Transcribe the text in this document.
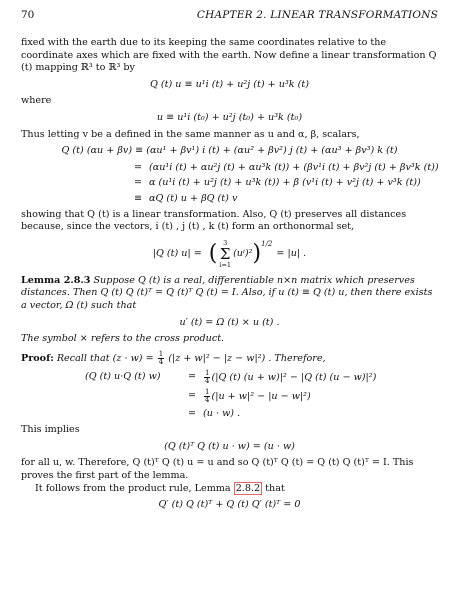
70	CHAPTER 2. LINEAR TRANSFORMATIONS

fixed with the earth due to its keeping the same coordinates relative to the coordinate axes which are fixed with the earth. Now define a linear transformation Q (t) mapping ℝ³ to ℝ³ by

Q (t) u ≡ u¹i (t) + u²j (t) + u³k (t)

where

u ≡ u¹i (t₀) + u²j (t₀) + u³k (t₀)

Thus letting v be a defined in the same manner as u and α, β, scalars,

Q (t) (αu + βv) ≡ (αu¹ + βv¹) i (t) + (αu² + βv²) j (t) + (αu³ + βv³) k (t)
= (αu¹i (t) + αu²j (t) + αu³k (t)) + (βv¹i (t) + βv²j (t) + βv³k (t))
= α (u¹i (t) + u²j (t) + u³k (t)) + β (v¹i (t) + v²j (t) + v³k (t))
≡ αQ (t) u + βQ (t) v

showing that Q (t) is a linear transformation. Also, Q (t) preserves all distances because, since the vectors, i (t) , j (t) , k (t) form an orthonormal set,

|Q (t) u| = ( 3
Σ
i=1
(uⁱ)² )$^{1/2}$
= |u| .

Lemma 2.8.3 Suppose Q (t) is a real, differentiable n×n matrix which preserves distances. Then Q (t) Q (t)ᵀ = Q (t)ᵀ Q (t) = I. Also, if u (t) ≡ Q (t) u, then there exists a vector, Ω (t) such that

u′ (t) = Ω (t) × u (t) .

The symbol × refers to the cross product.

Proof: Recall that $(z \cdot w) = \frac{1}{4} (|z + w|^2 - |z - w|^2)$ . Therefore,

(Q (t) u·Q (t) w)	=	$\frac{1}{4} (|Q$ (t) (u + w)|² − |Q (t) (u − w)|²)
=	$\frac{1}{4} (|u + w|^2 - |u - w|^2)$
= (u · w) .

This implies

(Q (t)ᵀ Q (t) u · w) = (u · w)

for all u, w. Therefore, Q (t)ᵀ Q (t) u = u and so Q (t)ᵀ Q (t) = Q (t) Q (t)ᵀ = I. This proves the first part of the lemma.

It follows from the product rule, Lemma 2.8.2 that

Q′ (t) Q (t)ᵀ + Q (t) Q′ (t)ᵀ = 0
